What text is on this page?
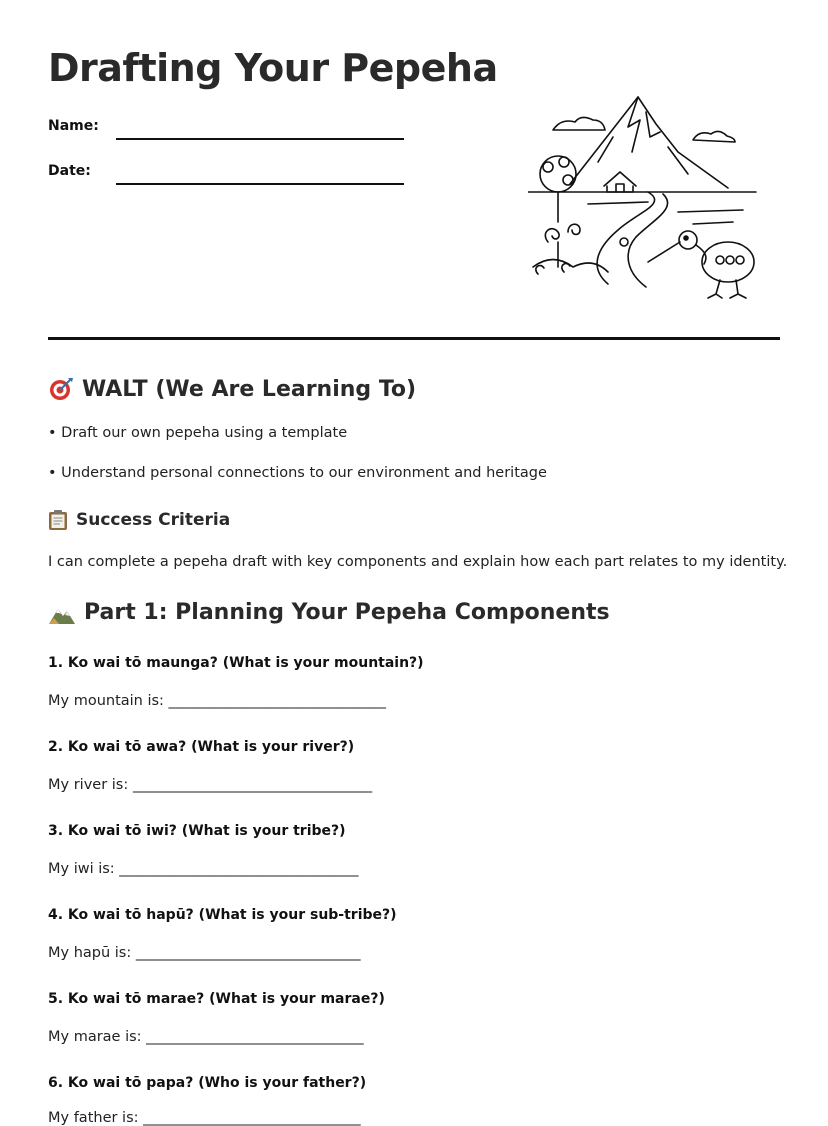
Drafting Your Pepeha
Name:
Date:
WALT (We Are Learning To)

• Draft our own pepeha using a template

• Understand personal connections to our environment and heritage

Success Criteria

I can complete a pepeha draft with key components and explain how each part relates to my identity.

Part 1: Planning Your Pepeha Components

1. Ko wai tō maunga? (What is your mountain?)

My mountain is: ______________________________

2. Ko wai tō awa? (What is your river?)

My river is: _________________________________

3. Ko wai tō iwi? (What is your tribe?)

My iwi is: _________________________________

4. Ko wai tō hapū? (What is your sub-tribe?)

My hapū is: _______________________________

5. Ko wai tō marae? (What is your marae?)

My marae is: ______________________________

6. Ko wai tō papa? (Who is your father?)

My father is: ______________________________
